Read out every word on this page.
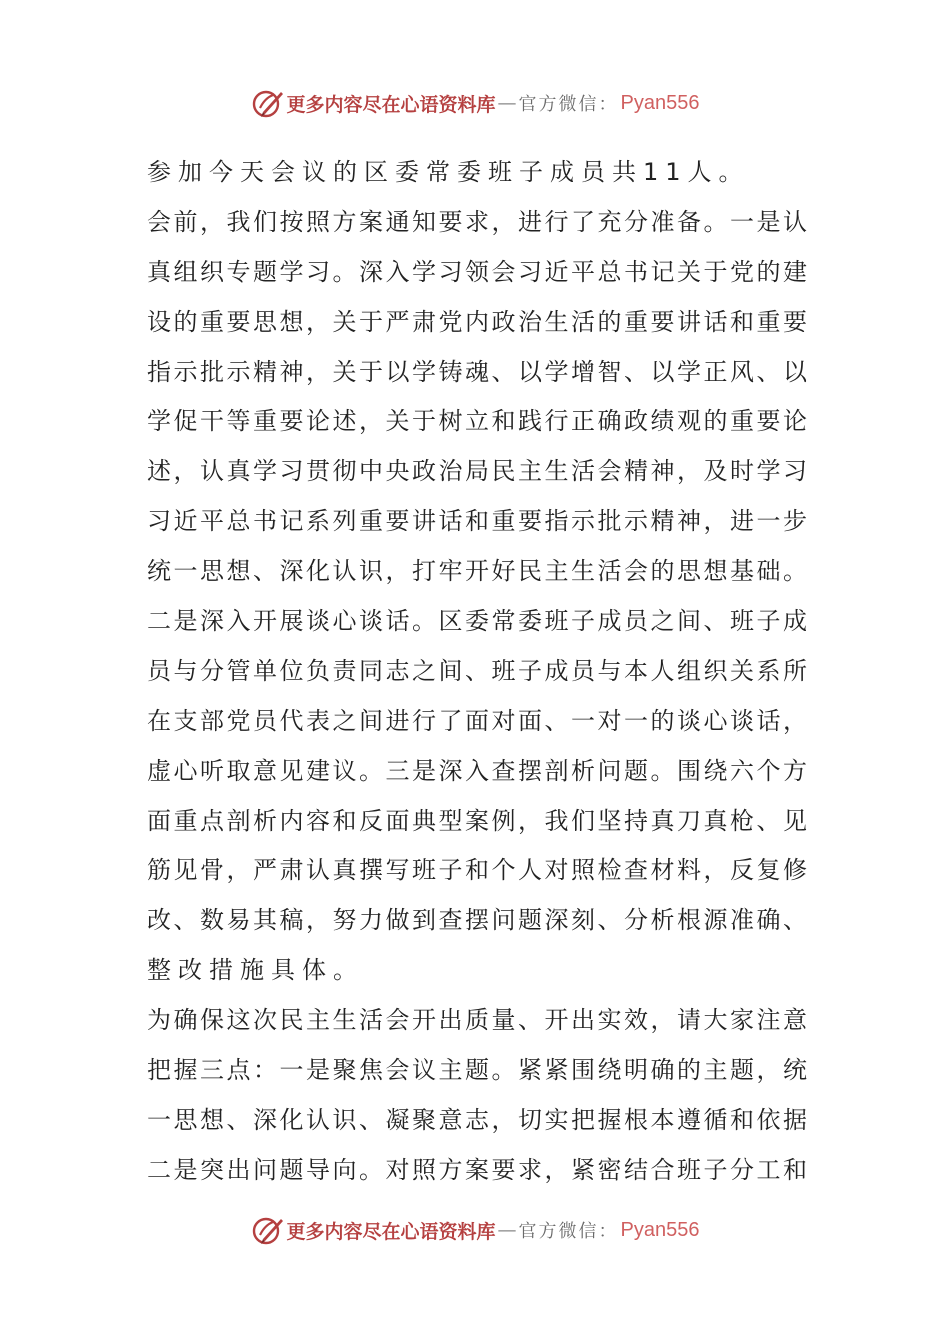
更多内容尽在心语资料库 — 官方微信： Pyan556
参加今天会议的区委常委班子成员共11人。
会前，我们按照方案通知要求，进行了充分准备。一是认
真组织专题学习。深入学习领会习近平总书记关于党的建
设的重要思想，关于严肃党内政治生活的重要讲话和重要
指示批示精神，关于以学铸魂、以学增智、以学正风、以
学促干等重要论述，关于树立和践行正确政绩观的重要论
述，认真学习贯彻中央政治局民主生活会精神，及时学习
习近平总书记系列重要讲话和重要指示批示精神，进一步
统一思想、深化认识，打牢开好民主生活会的思想基础。
二是深入开展谈心谈话。区委常委班子成员之间、班子成
员与分管单位负责同志之间、班子成员与本人组织关系所
在支部党员代表之间进行了面对面、一对一的谈心谈话，
虚心听取意见建议。三是深入查摆剖析问题。围绕六个方
面重点剖析内容和反面典型案例，我们坚持真刀真枪、见
筋见骨，严肃认真撰写班子和个人对照检查材料，反复修
改、数易其稿，努力做到查摆问题深刻、分析根源准确、
整改措施具体。
为确保这次民主生活会开出质量、开出实效，请大家注意
把握三点：一是聚焦会议主题。紧紧围绕明确的主题，统
一思想、深化认识、凝聚意志，切实把握根本遵循和依据
二是突出问题导向。对照方案要求，紧密结合班子分工和
更多内容尽在心语资料库 — 官方微信： Pyan556
